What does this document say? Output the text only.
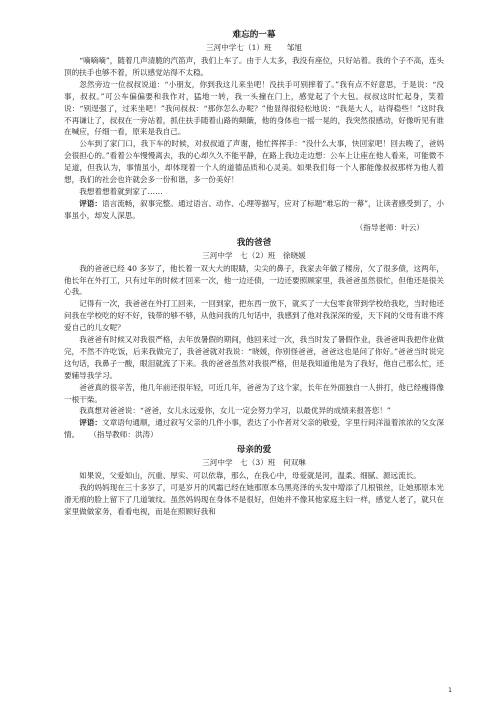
难忘的一幕

三河中学七（1）班　　邹旭

“嘀嘀嘀”，随着几声清脆的汽笛声，我们上车了。由于人太多，我没有座位，只好站着。我的个子不高，连头顶的扶手也够不着，所以感觉站得不太稳。

忽然旁边一位叔叔说道：“小朋友，你到我这儿来坐吧！没扶手可别摔着了。”我有点不好意思，于是说：“没事，叔叔。”可公车偏偏要和我作对，猛地一转，我一头撞在门上，感觉起了个大包。叔叔这时忙起身，笑着说：“别逞强了，过来坐吧！”我问叔叔：“那你怎么办呢？”他显得很轻松地说：“我是大人，站得稳些！”这时我不再谦让了，叔叔在一旁站着，抓住扶手随着山路的颠簸，他的身体也一摇一晃的，我突然很感动，好像听见有谁在喊应，仔细一看，原来是我自己。

公车到了家门口，我下车的时候，对叔叔道了声谢，他忙挥挥手：“没什么大事，快回家吧！回去晚了，爸妈会很担心的。”看着公车慢慢离去，我的心却久久不能平静，在路上我边走边想：公车上让座在他人看来，可能微不足道，但我认为，事情虽小，却体现着一个人的道德品质和心灵美。如果我们每一个人都能像叔叔那样为他人着想，我们的社会也许就会多一份和谐，多一份美好！

我想着想着就到家了……

评语：语言流畅，叙事完整。通过语言、动作、心理等描写，应对了标题“难忘的一幕”，让读者感受到了，小事虽小，却发人深思。

（指导老师：叶云）

我的爸爸

三河中学　七（2）班　徐晓媛

我的爸爸已经 40 多岁了，他长着一双大大的眼睛，尖尖的鼻子，我家去年做了楼房，欠了很多债，这两年，他长年在外打工，只有过年的时候才回来一次，他一边还债，一边还要照顾家里，我爸爸虽然很忙，但他还是很关心我。

记得有一次，我爸爸在外打工回来，一回到家，把东西一放下，就买了一大包零食带到学校给我吃，当时他还问我在学校吃的好不好，钱带的够不够，从他问我的几句话中，我感到了他对我深深的爱，天下间的父母有谁不疼爱自己的儿女呢？

我爸爸有时候又对我很严格，去年放暑假的期间，他回来过一次，我当时发了暑假作业，我爸爸叫我把作业做完，不然不许吃饭，后来我做完了，我爸爸就对我说：“晓媛，你别怪爸爸，爸爸这也是问了你好。”爸爸当时说完这句话，我鼻子一酸，眼泪就流了下来。我的爸爸虽然对我很严格，但是我知道他是为了我好，他自己那么忙，还要辅导我学习。

爸爸真的很辛苦，他几年前还很年轻，可近几年，爸爸为了这个家，长年在外面独自一人拼打，他已经瘦得像一根干柴。

我真想对爸爸说：“爸爸，女儿永远爱你，女儿一定会努力学习，以最优异的成绩来报答您！”

评语：文章语句通顺，通过叙写父亲的几件小事，表达了小作者对父亲的敬爱，字里行间洋溢着浓浓的父女深情。 （指导教师：洪涛）

母亲的爱

三河中学　七（3）班　何双琳

如果说，父爱如山，沉重、厚实、可以依靠，那么，在我心中，母爱就是河，温柔、细腻、源远流长。

我的妈妈现在三十多岁了，可是岁月的风霜已经在她那原本乌黑亮泽的头发中增添了几根银丝，让她那原本光滑无痕的脸上留下了几道皱纹。虽然妈妈现在身体不是很好，但她并不像其他家庭主妇一样，感觉人老了，就只在家里做做家务，看看电视，而是在照顾好我和

1
